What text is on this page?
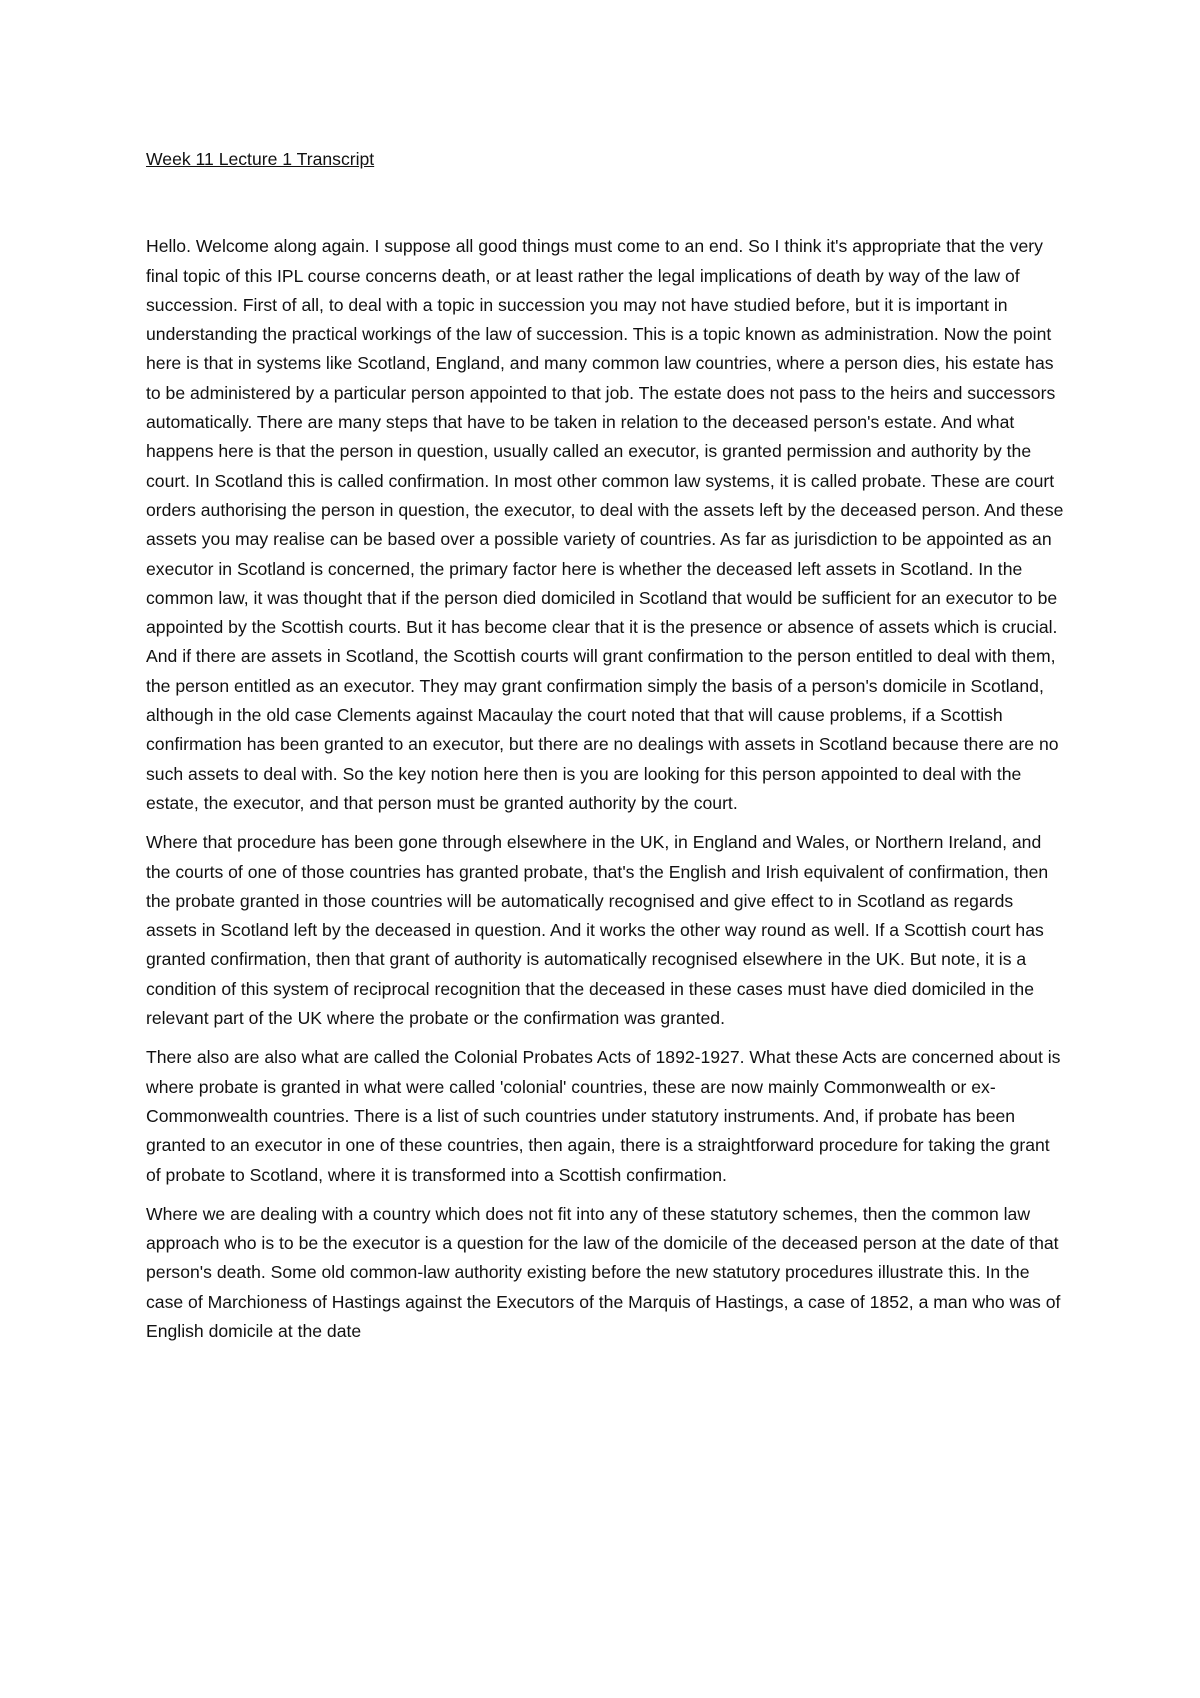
Week 11 Lecture 1 Transcript

Hello. Welcome along again. I suppose all good things must come to an end. So I think it's appropriate that the very final topic of this IPL course concerns death, or at least rather the legal implications of death by way of the law of succession. First of all, to deal with a topic in succession you may not have studied before, but it is important in understanding the practical workings of the law of succession. This is a topic known as administration. Now the point here is that in systems like Scotland, England, and many common law countries, where a person dies, his estate has to be administered by a particular person appointed to that job. The estate does not pass to the heirs and successors automatically. There are many steps that have to be taken in relation to the deceased person's estate. And what happens here is that the person in question, usually called an executor, is granted permission and authority by the court. In Scotland this is called confirmation. In most other common law systems, it is called probate. These are court orders authorising the person in question, the executor, to deal with the assets left by the deceased person. And these assets you may realise can be based over a possible variety of countries. As far as jurisdiction to be appointed as an executor in Scotland is concerned, the primary factor here is whether the deceased left assets in Scotland. In the common law, it was thought that if the person died domiciled in Scotland that would be sufficient for an executor to be appointed by the Scottish courts. But it has become clear that it is the presence or absence of assets which is crucial. And if there are assets in Scotland, the Scottish courts will grant confirmation to the person entitled to deal with them, the person entitled as an executor. They may grant confirmation simply the basis of a person's domicile in Scotland, although in the old case Clements against Macaulay the court noted that that will cause problems, if a Scottish confirmation has been granted to an executor, but there are no dealings with assets in Scotland because there are no such assets to deal with. So the key notion here then is you are looking for this person appointed to deal with the estate, the executor, and that person must be granted authority by the court.

Where that procedure has been gone through elsewhere in the UK, in England and Wales, or Northern Ireland, and the courts of one of those countries has granted probate, that's the English and Irish equivalent of confirmation, then the probate granted in those countries will be automatically recognised and give effect to in Scotland as regards assets in Scotland left by the deceased in question. And it works the other way round as well. If a Scottish court has granted confirmation, then that grant of authority is automatically recognised elsewhere in the UK. But note, it is a condition of this system of reciprocal recognition that the deceased in these cases must have died domiciled in the relevant part of the UK where the probate or the confirmation was granted.

There also are also what are called the Colonial Probates Acts of 1892-1927. What these Acts are concerned about is where probate is granted in what were called 'colonial' countries, these are now mainly Commonwealth or ex-Commonwealth countries. There is a list of such countries under statutory instruments. And, if probate has been granted to an executor in one of these countries, then again, there is a straightforward procedure for taking the grant of probate to Scotland, where it is transformed into a Scottish confirmation.

Where we are dealing with a country which does not fit into any of these statutory schemes, then the common law approach who is to be the executor is a question for the law of the domicile of the deceased person at the date of that person's death. Some old common-law authority existing before the new statutory procedures illustrate this. In the case of Marchioness of Hastings against the Executors of the Marquis of Hastings, a case of 1852, a man who was of English domicile at the date
